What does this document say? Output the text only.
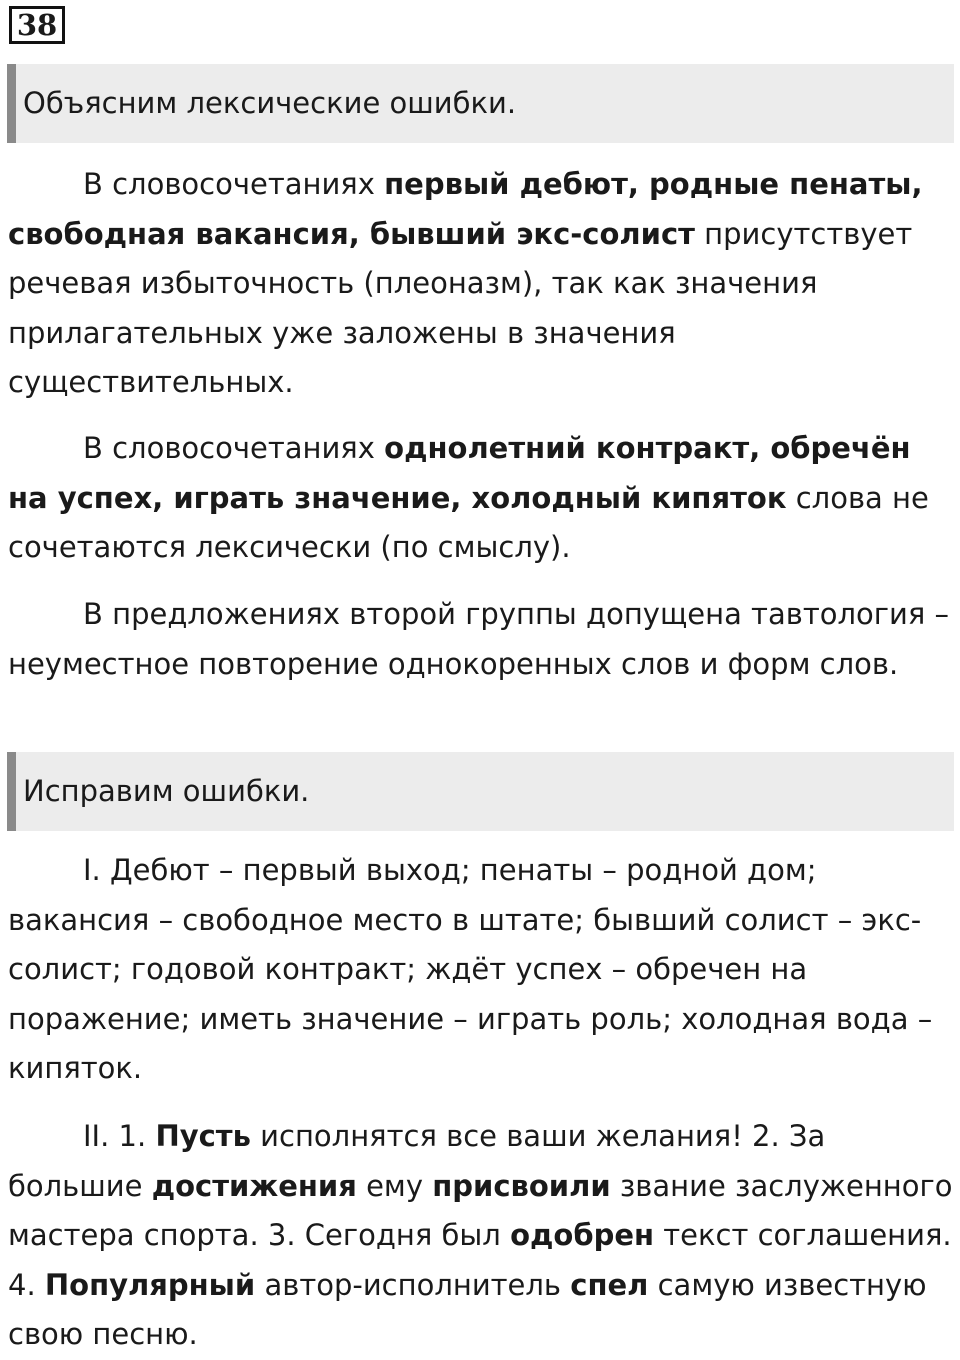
38
Объясним лексические ошибки.

В словосочетаниях первый дебют, родные пенаты, свободная вакансия, бывший экс-солист присутствует речевая избыточность (плеоназм), так как значения прилагательных уже заложены в значения существительных.

В словосочетаниях однолетний контракт, обречён на успех, играть значение, холодный кипяток слова не сочетаются лексически (по смыслу).

В предложениях второй группы допущена тавтология – неуместное повторение однокоренных слов и форм слов.

Исправим ошибки.

I. Дебют – первый выход; пенаты – родной дом; вакансия – свободное место в штате; бывший солист – экс-солист; годовой контракт; ждёт успех – обречен на поражение; иметь значение – играть роль; холодная вода – кипяток.

II. 1. Пусть исполнятся все ваши желания! 2. За большие достижения ему присвоили звание заслуженного мастера спорта. 3. Сегодня был одобрен текст соглашения. 4. Популярный автор-исполнитель спел самую известную свою песню.
